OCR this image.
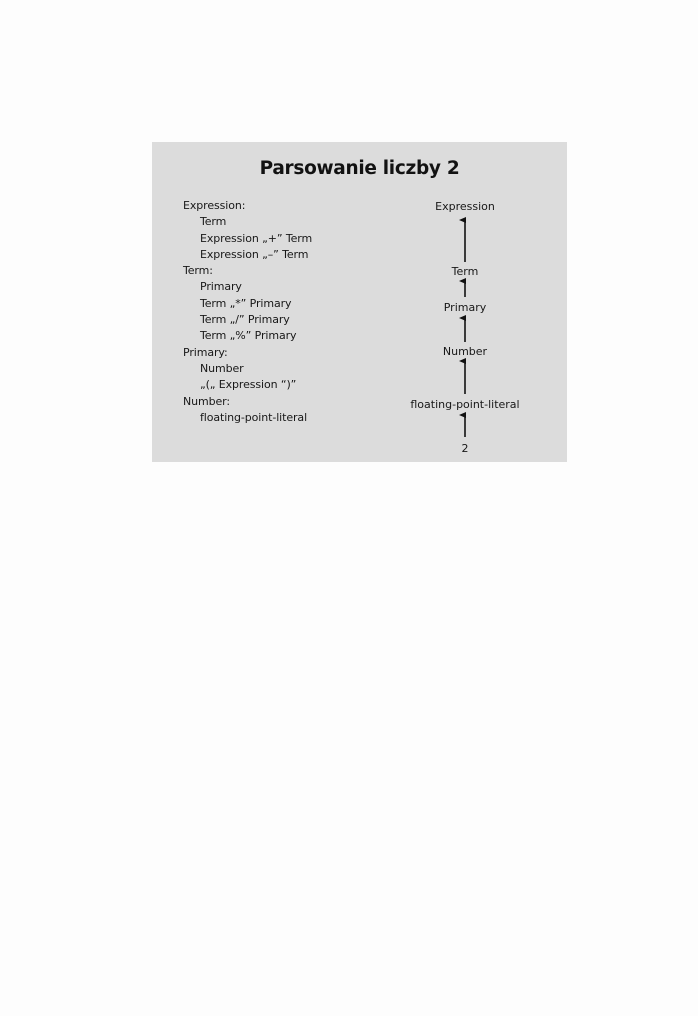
Parsowanie liczby 2
Expression:
Term
Expression „+” Term
Expression „–” Term
Term:
Primary
Term „*” Primary
Term „/” Primary
Term „%” Primary
Primary:
Number
„(„ Expression “)”
Number:
floating-point-literal
Expression
Term
Primary
Number
floating-point-literal
2
